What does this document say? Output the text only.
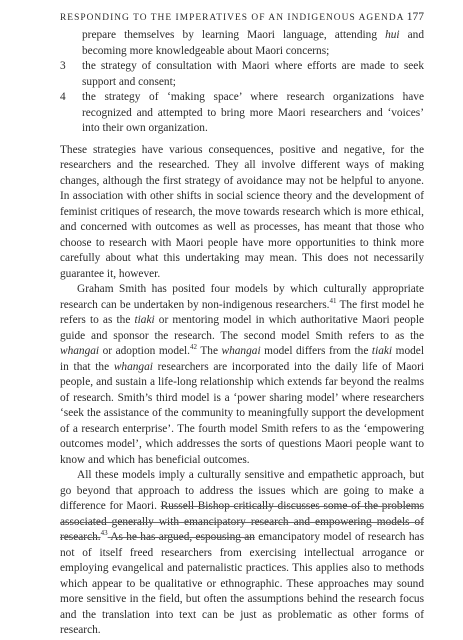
RESPONDING TO THE IMPERATIVES OF AN INDIGENOUS AGENDA 177

prepare themselves by learning Maori language, attending hui and becoming more knowledgeable about Maori concerns;

3	the strategy of consultation with Maori where efforts are made to seek support and consent;
4	the strategy of ‘making space’ where research organizations have recognized and attempted to bring more Maori researchers and ‘voices’ into their own organization.

These strategies have various consequences, positive and negative, for the researchers and the researched. They all involve different ways of making changes, although the first strategy of avoidance may not be helpful to anyone. In association with other shifts in social science theory and the development of feminist critiques of research, the move towards research which is more ethical, and concerned with outcomes as well as processes, has meant that those who choose to research with Maori people have more opportunities to think more carefully about what this undertaking may mean. This does not necessarily guarantee it, however.

Graham Smith has posited four models by which culturally appropriate research can be undertaken by non-indigenous researchers.$^{41}$ The first model he refers to as the tiaki or mentoring model in which authoritative Maori people guide and sponsor the research. The second model Smith refers to as the whangai or adoption model.$^{42}$ The whangai model differs from the tiaki model in that the whangai researchers are incorporated into the daily life of Maori people, and sustain a life-long relationship which extends far beyond the realms of research. Smith’s third model is a ‘power sharing model’ where researchers ‘seek the assistance of the community to meaningfully support the development of a research enterprise’. The fourth model Smith refers to as the ‘empowering outcomes model’, which addresses the sorts of questions Maori people want to know and which has beneficial outcomes.

All these models imply a culturally sensitive and empathetic approach, but go beyond that approach to address the issues which are going to make a difference for Maori. Russell Bishop critically discusses some of the problems associated generally with emancipatory research and empowering models of research.$^{43}$ As he has argued, espousing an emancipatory model of research has not of itself freed researchers from exercising intellectual arrogance or employing evangelical and paternalistic practices. This applies also to methods which appear to be qualitative or ethnographic. These approaches may sound more sensitive in the field, but often the assumptions behind the research focus and the translation into text can be just as problematic as other forms of research.
